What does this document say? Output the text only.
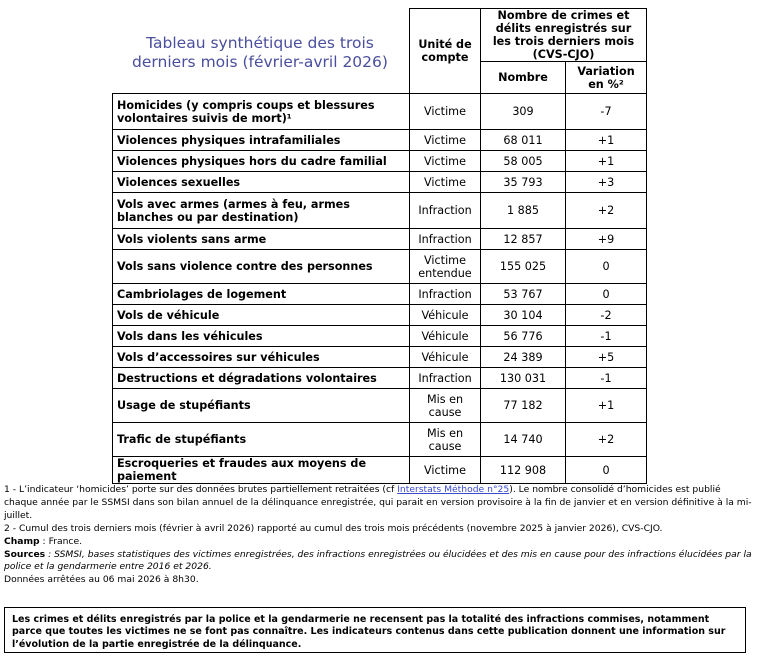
Tableau synthétique des trois derniers mois (février-avril 2026)
	Unité de compte	Nombre de crimes et délits enregistrés sur les trois derniers mois (CVS-CJO)	
		Nombre	Variation en %²
Homicides (y compris coups et blessures volontaires suivis de mort)¹	Victime	309	-7
Violences physiques intrafamiliales	Victime	68 011	+1
Violences physiques hors du cadre familial	Victime	58 005	+1
Violences sexuelles	Victime	35 793	+3
Vols avec armes (armes à feu, armes blanches ou par destination)	Infraction	1 885	+2
Vols violents sans arme	Infraction	12 857	+9
Vols sans violence contre des personnes	Victime entendue	155 025	0
Cambriolages de logement	Infraction	53 767	0
Vols de véhicule	Véhicule	30 104	-2
Vols dans les véhicules	Véhicule	56 776	-1
Vols d’accessoires sur véhicules	Véhicule	24 389	+5
Destructions et dégradations volontaires	Infraction	130 031	-1
Usage de stupéfiants	Mis en cause	77 182	+1
Trafic de stupéfiants	Mis en cause	14 740	+2
Escroqueries et fraudes aux moyens de paiement	Victime	112 908	0

1 - L’indicateur ‘homicides’ porte sur des données brutes partiellement retraitées (cf Interstats Méthode n°25). Le nombre consolidé d’homicides est publié chaque année par le SSMSI dans son bilan annuel de la délinquance enregistrée, qui parait en version provisoire à la fin de janvier et en version définitive à la mi-juillet.

2 - Cumul des trois derniers mois (février à avril 2026) rapporté au cumul des trois mois précédents (novembre 2025 à janvier 2026), CVS-CJO.

Champ : France.

Sources : SSMSI, bases statistiques des victimes enregistrées, des infractions enregistrées ou élucidées et des mis en cause pour des infractions élucidées par la police et la gendarmerie entre 2016 et 2026.

Données arrêtées au 06 mai 2026 à 8h30.

Les crimes et délits enregistrés par la police et la gendarmerie ne recensent pas la totalité des infractions commises, notamment parce que toutes les victimes ne se font pas connaître. Les indicateurs contenus dans cette publication donnent une information sur l’évolution de la partie enregistrée de la délinquance.
